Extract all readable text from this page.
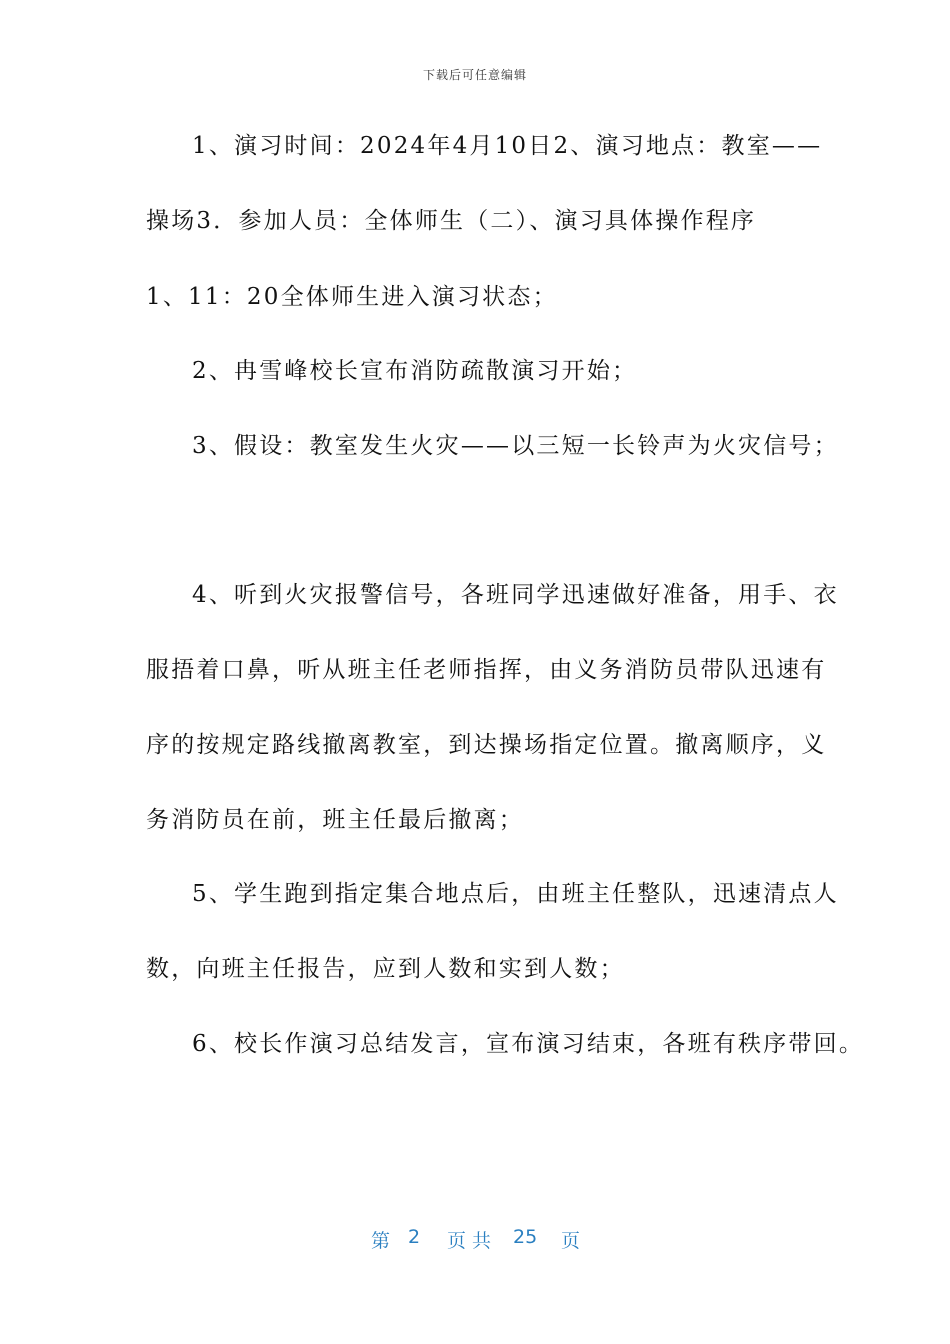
下载后可任意编辑
1、演习时间：2024年4月10日2、演习地点：教室——
操场3．参加人员：全体师生（二）、演习具体操作程序
1、11：20全体师生进入演习状态；
2、冉雪峰校长宣布消防疏散演习开始；
3、假设：教室发生火灾——以三短一长铃声为火灾信号；
4、听到火灾报警信号，各班同学迅速做好准备，用手、衣
服捂着口鼻，听从班主任老师指挥，由义务消防员带队迅速有
序的按规定路线撤离教室，到达操场指定位置。撤离顺序，义
务消防员在前，班主任最后撤离；
5、学生跑到指定集合地点后，由班主任整队，迅速清点人
数，向班主任报告，应到人数和实到人数；
6、校长作演习总结发言，宣布演习结束，各班有秩序带回。
第 2 页 共 25 页
